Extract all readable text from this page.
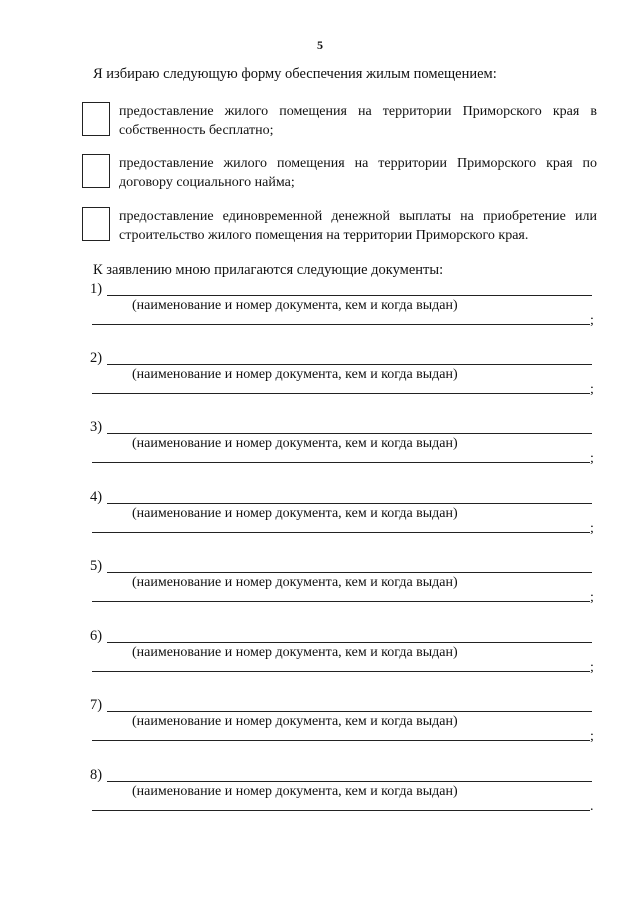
5
Я избираю следующую форму обеспечения жилым помещением:
предоставление жилого помещения на территории Приморского края в собственность бесплатно;
предоставление жилого помещения на территории Приморского края по договору социального найма;
предоставление единовременной денежной выплаты на приобретение или строительство жилого помещения на территории Приморского края.
К заявлению мною прилагаются следующие документы:
1)
(наименование и номер документа, кем и когда выдан)
;
2)
(наименование и номер документа, кем и когда выдан)
;
3)
(наименование и номер документа, кем и когда выдан)
;
4)
(наименование и номер документа, кем и когда выдан)
;
5)
(наименование и номер документа, кем и когда выдан)
;
6)
(наименование и номер документа, кем и когда выдан)
;
7)
(наименование и номер документа, кем и когда выдан)
;
8)
(наименование и номер документа, кем и когда выдан)
.
